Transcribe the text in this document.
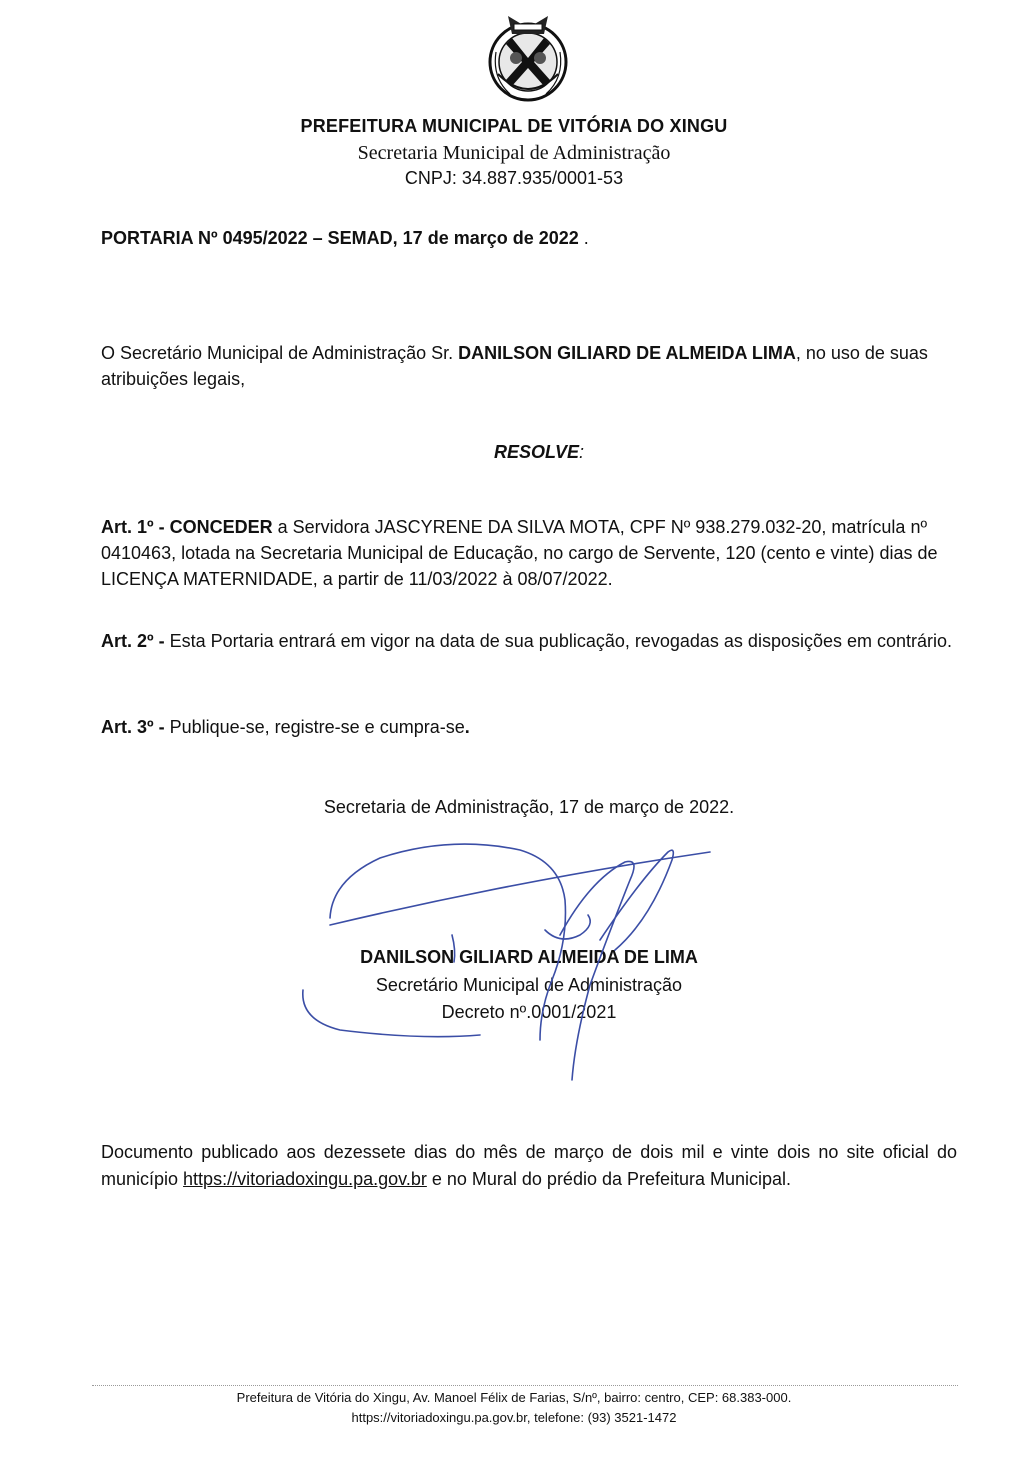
PREFEITURA MUNICIPAL DE VITÓRIA DO XINGU
Secretaria Municipal de Administração
CNPJ: 34.887.935/0001-53
PORTARIA Nº 0495/2022 – SEMAD, 17 de março de 2022 .

O Secretário Municipal de Administração Sr. DANILSON GILIARD DE ALMEIDA LIMA, no uso de suas atribuições legais,

RESOLVE:

Art. 1º - CONCEDER a Servidora JASCYRENE DA SILVA MOTA, CPF Nº 938.279.032-20, matrícula nº 0410463, lotada na Secretaria Municipal de Educação, no cargo de Servente, 120 (cento e vinte) dias de LICENÇA MATERNIDADE, a partir de 11/03/2022 à 08/07/2022.

Art. 2º - Esta Portaria entrará em vigor na data de sua publicação, revogadas as disposições em contrário.

Art. 3º - Publique-se, registre-se e cumpra-se.

Secretaria de Administração, 17 de março de 2022.

DANILSON GILIARD ALMEIDA DE LIMA
Secretário Municipal de Administração
Decreto nº.0001/2021

Documento publicado aos dezessete dias do mês de março de dois mil e vinte dois no site oficial do município https://vitoriadoxingu.pa.gov.br e no Mural do prédio da Prefeitura Municipal.

Prefeitura de Vitória do Xingu, Av. Manoel Félix de Farias, S/nº, bairro: centro, CEP: 68.383-000.
https://vitoriadoxingu.pa.gov.br, telefone: (93) 3521-1472
